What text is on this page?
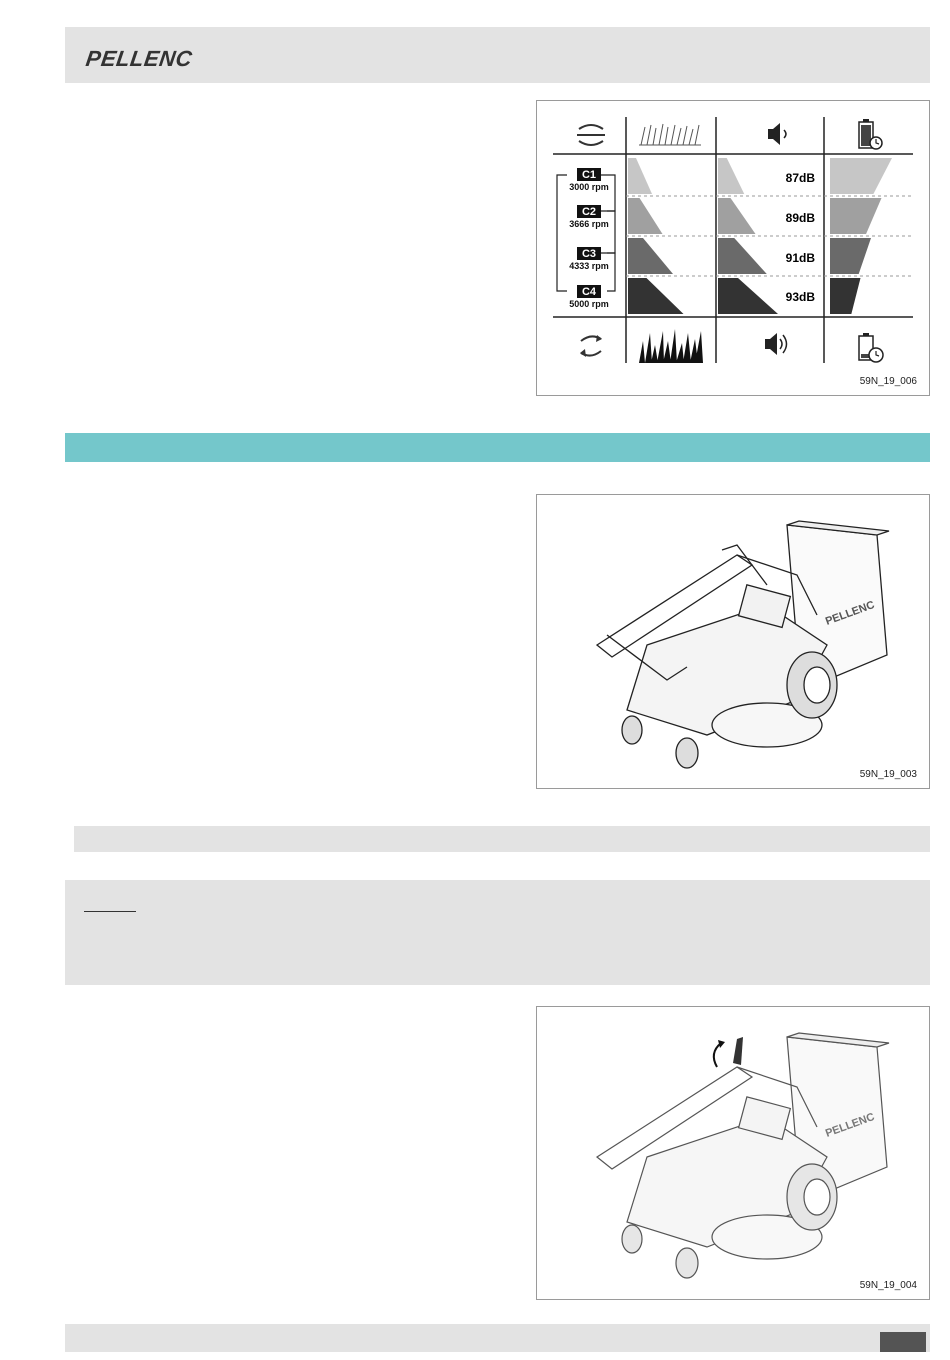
PELLENC
C1
3000 rpm
C2
3666 rpm
C3
4333 rpm
C4
5000 rpm
87dB
89dB
91dB
93dB
59N_19_006
PELLENC
59N_19_003
PELLENC
59N_19_004
